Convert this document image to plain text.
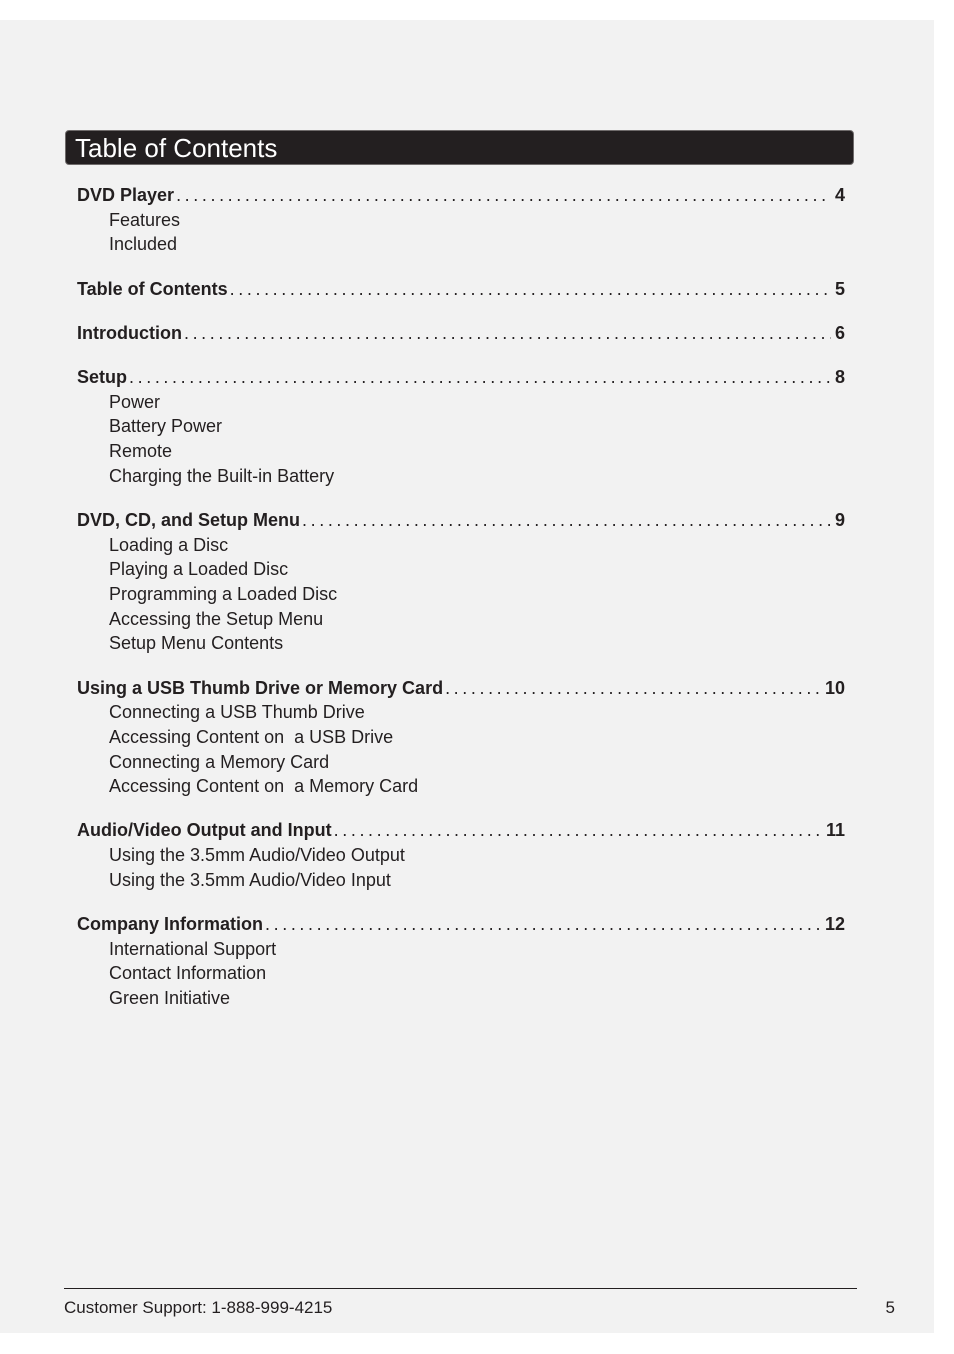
Table of Contents
DVD Player .....	4
Features
Included
Table of Contents .....	5
Introduction .....	6
Setup .....	8
Power
Battery Power
Remote
Charging the Built-in Battery
DVD, CD, and Setup Menu .....	9
Loading a Disc
Playing a Loaded Disc
Programming a Loaded Disc
Accessing the Setup Menu
Setup Menu Contents
Using a USB Thumb Drive or Memory Card .....	10
Connecting a USB Thumb Drive
Accessing Content on  a USB Drive
Connecting a Memory Card
Accessing Content on  a Memory Card
Audio/Video Output and Input .....	11
Using the 3.5mm Audio/Video Output
Using the 3.5mm Audio/Video Input
Company Information .....	12
International Support
Contact Information
Green Initiative
Customer Support: 1-888-999-4215	5
